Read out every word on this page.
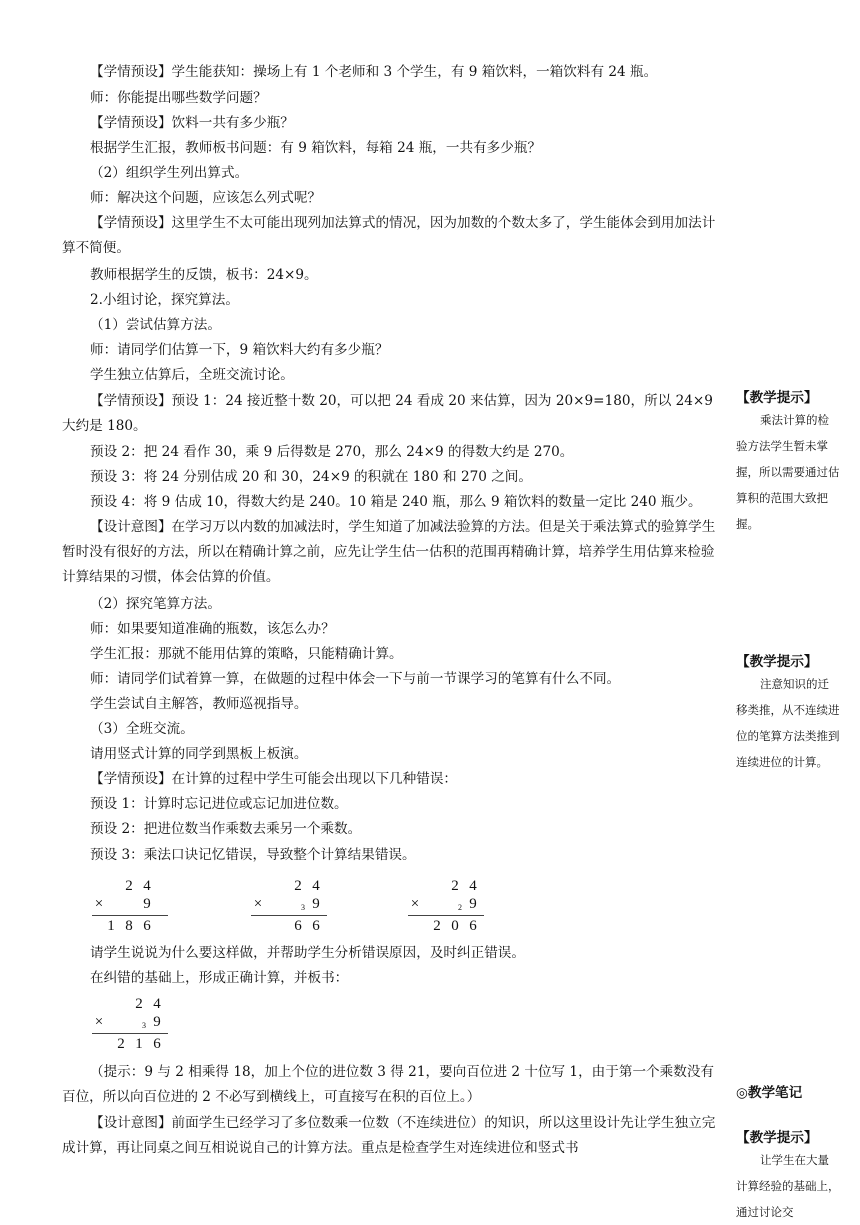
【学情预设】学生能获知：操场上有 1 个老师和 3 个学生，有 9 箱饮料，一箱饮料有 24 瓶。
师：你能提出哪些数学问题？
【学情预设】饮料一共有多少瓶？
根据学生汇报，教师板书问题：有 9 箱饮料，每箱 24 瓶，一共有多少瓶？
（2）组织学生列出算式。
师：解决这个问题，应该怎么列式呢？
【学情预设】这里学生不太可能出现列加法算式的情况，因为加数的个数太多了，学生能体会到用加法计算不简便。
教师根据学生的反馈，板书：24×9。
2.小组讨论，探究算法。
（1）尝试估算方法。
师：请同学们估算一下，9 箱饮料大约有多少瓶？
学生独立估算后，全班交流讨论。
【学情预设】预设 1：24 接近整十数 20，可以把 24 看成 20 来估算，因为 20×9=180，所以 24×9 大约是 180。
预设 2：把 24 看作 30，乘 9 后得数是 270，那么 24×9 的得数大约是 270。
预设 3：将 24 分别估成 20 和 30，24×9 的积就在 180 和 270 之间。
预设 4：将 9 估成 10，得数大约是 240。10 箱是 240 瓶，那么 9 箱饮料的数量一定比 240 瓶少。
【设计意图】在学习万以内数的加减法时，学生知道了加减法验算的方法。但是关于乘法算式的验算学生暂时没有很好的方法，所以在精确计算之前，应先让学生估一估积的范围再精确计算，培养学生用估算来检验计算结果的习惯，体会估算的价值。
（2）探究笔算方法。
师：如果要知道准确的瓶数，该怎么办？
学生汇报：那就不能用估算的策略，只能精确计算。
师：请同学们试着算一算，在做题的过程中体会一下与前一节课学习的笔算有什么不同。
学生尝试自主解答，教师巡视指导。
（3）全班交流。
请用竖式计算的同学到黑板上板演。
【学情预设】在计算的过程中学生可能会出现以下几种错误：
预设 1：计算时忘记进位或忘记加进位数。
预设 2：把进位数当作乘数去乘另一个乘数。
预设 3：乘法口诀记忆错误，导致整个计算结果错误。
2 4
×	9
1 8 6
2 4
×	3 9
6 6
2 4
×	2 9
2 0 6
请学生说说为什么要这样做，并帮助学生分析错误原因，及时纠正错误。
在纠错的基础上，形成正确计算，并板书：
2 4
×	3 9
2 1 6
（提示：9 与 2 相乘得 18，加上个位的进位数 3 得 21，要向百位进 2 十位写 1，由于第一个乘数没有百位，所以向百位进的 2 不必写到横线上，可直接写在积的百位上。）
【设计意图】前面学生已经学习了多位数乘一位数（不连续进位）的知识，所以这里设计先让学生独立完成计算，再让同桌之间互相说说自己的计算方法。重点是检查学生对连续进位和竖式书
【教学提示】
乘法计算的检验方法学生暂未掌握，所以需要通过估算积的范围大致把握。
【教学提示】
注意知识的迁移类推，从不连续进位的笔算方法类推到连续进位的计算。
◎教学笔记
【教学提示】
让学生在大量计算经验的基础上，通过讨论交
